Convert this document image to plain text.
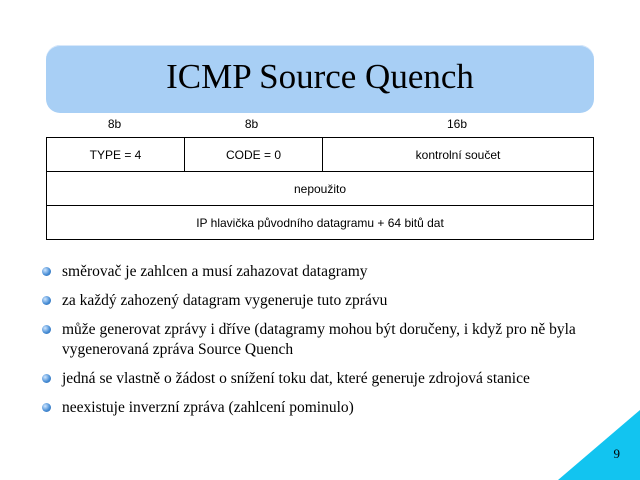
ICMP Source Quench
8b	8b	16b
TYPE = 4	CODE = 0	kontrolní součet
nepoužito
IP hlavička původního datagramu + 64 bitů dat
směrovač je zahlcen a musí zahazovat datagramy
za každý zahozený datagram vygeneruje tuto zprávu
může generovat zprávy i dříve (datagramy mohou být doručeny, i když pro ně byla vygenerovaná zpráva Source Quench
jedná se vlastně o žádost o snížení toku dat, které generuje zdrojová stanice
neexistuje inverzní zpráva (zahlcení pominulo)
9
